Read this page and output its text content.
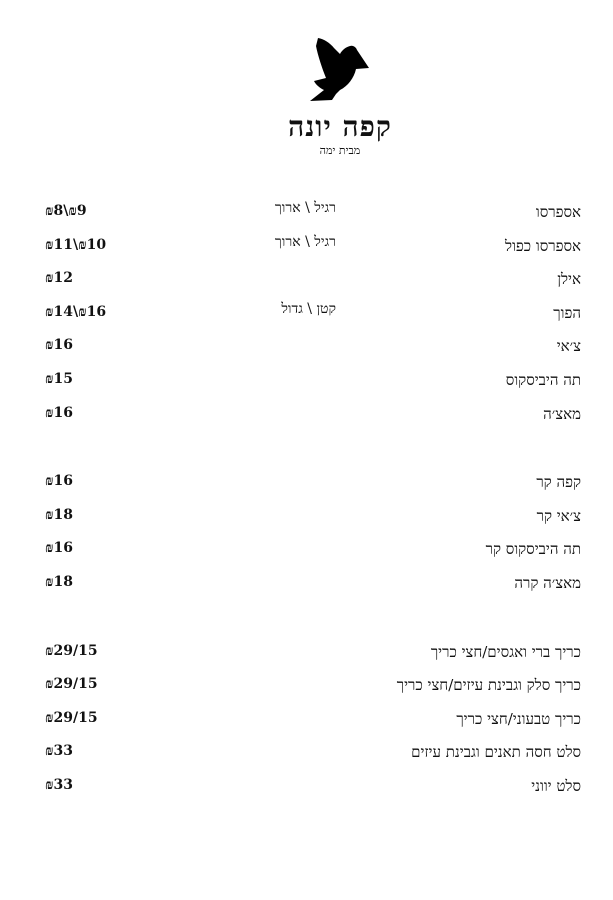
קפה יונה
מבית ימה
אספרסו
רגיל \ ארוך
₪8\₪9
אספרסו כפול
רגיל \ ארוך
₪11\₪10
אילן
₪12
הפוך
קטן \ גדול
₪14\₪16
צ׳אי
₪16
תה היביסקוס
₪15
מאצ׳ה
₪16
קפה קר
₪16
צ׳אי קר
₪18
תה היביסקוס קר
₪16
מאצ׳ה קרה
₪18
כריך ברי ואגסים/חצי כריך
₪29/15
כריך סלק וגבינת עיזים/חצי כריך
₪29/15
כריך טבעוני/חצי כריך
₪29/15
סלט חסה תאנים וגבינת עיזים
₪33
סלט יווני
₪33
